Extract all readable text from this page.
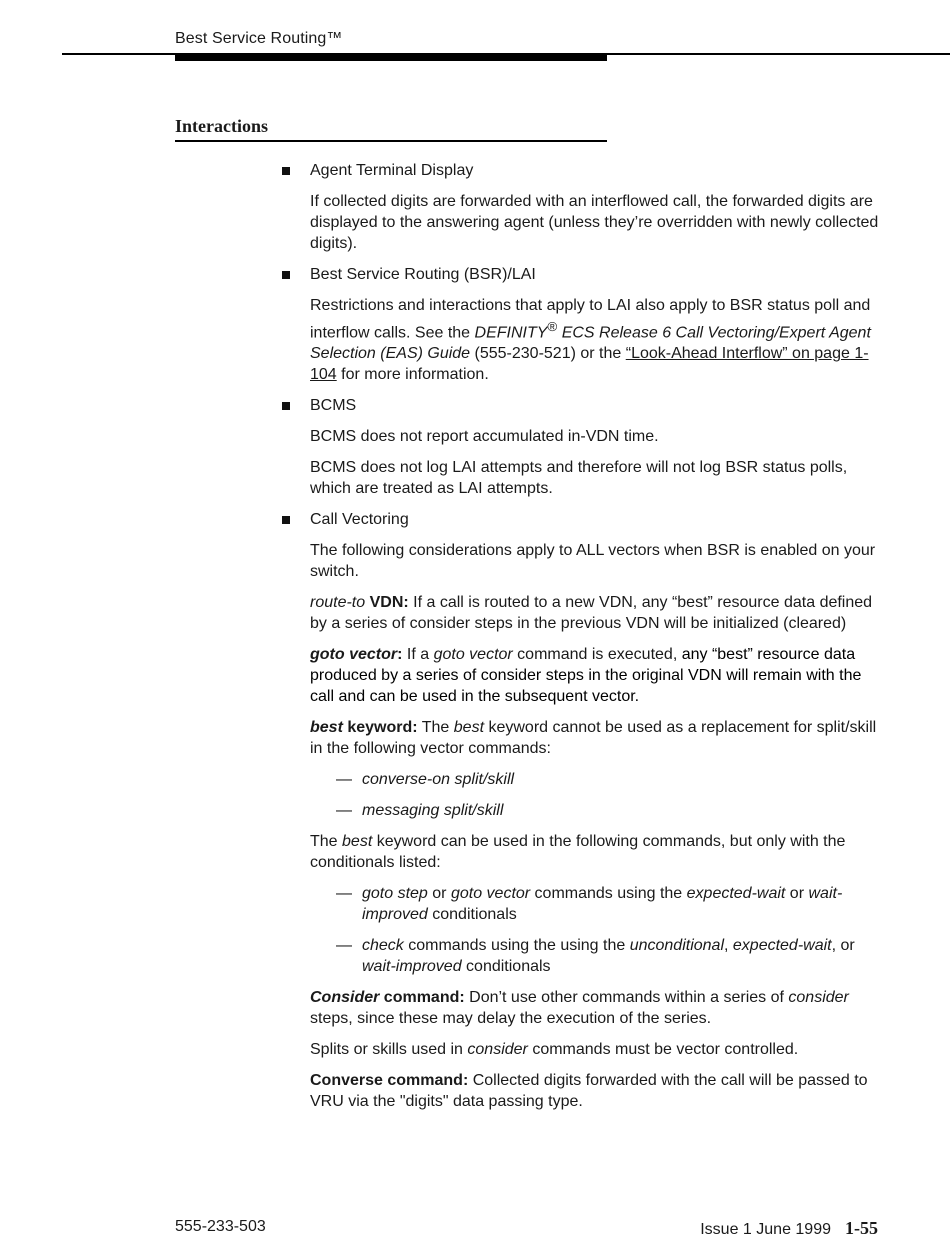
Best Service Routing™
Interactions
Agent Terminal Display

If collected digits are forwarded with an interflowed call, the forwarded digits are displayed to the answering agent (unless they’re overridden with newly collected digits).

Best Service Routing (BSR)/LAI

Restrictions and interactions that apply to LAI also apply to BSR status poll and interflow calls. See the DEFINITY® ECS Release 6 Call Vectoring/Expert Agent Selection (EAS) Guide (555-230-521) or the “Look-Ahead Interflow” on page 1-104 for more information.

BCMS

BCMS does not report accumulated in-VDN time.

BCMS does not log LAI attempts and therefore will not log BSR status polls, which are treated as LAI attempts.

Call Vectoring

The following considerations apply to ALL vectors when BSR is enabled on your switch.

route-to VDN: If a call is routed to a new VDN, any “best” resource data defined by a series of consider steps in the previous VDN will be initialized (cleared)

goto vector: If a goto vector command is executed, any “best” resource data produced by a series of consider steps in the original VDN will remain with the call and can be used in the subsequent vector.

best keyword: The best keyword cannot be used as a replacement for split/skill in the following vector commands:

— converse-on split/skill
— messaging split/skill

The best keyword can be used in the following commands, but only with the conditionals listed:

— goto step or goto vector commands using the expected-wait or wait-improved conditionals
— check commands using the using the unconditional, expected-wait, or wait-improved conditionals

Consider command: Don’t use other commands within a series of consider steps, since these may delay the execution of the series.

Splits or skills used in consider commands must be vector controlled.

Converse command: Collected digits forwarded with the call will be passed to VRU via the "digits" data passing type.

555-233-503	Issue 1 June 1999 1-55
